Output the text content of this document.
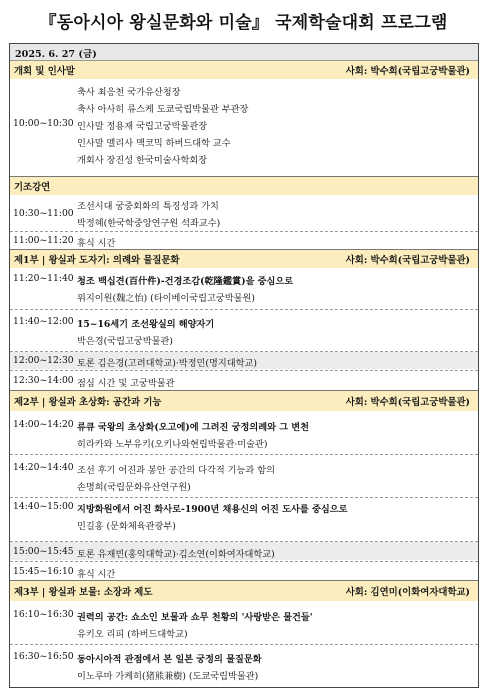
『동아시아 왕실문화와 미술』 국제학술대회 프로그램
2025. 6. 27 (금)
개회 및 인사말	사회: 박수희(국립고궁박물관)
10:00~10:30
축사 최응천 국가유산청장
축사 아사히 류스케 도쿄국립박물관 부관장
인사말 정용재 국립고궁박물관장
인사말 멜리사 맥코믹 하버드대학 교수
개회사 장진성 한국미술사학회장
기조강연
10:30~11:00
조선시대 궁중회화의 특징성과 가치
박정혜(한국학중앙연구원 석좌교수)
11:00~11:20 휴식 시간
제1부 | 왕실과 도자기: 의례와 물질문화	사회: 박수희(국립고궁박물관)
11:20~11:40 청조 백십견(百什件)-건경조감(乾隆鑑賞)을 중심으로
위지이원(魏之怡) (타이베이국립고궁박물원)
11:40~12:00 15~16세기 조선왕실의 해양자기
박은경(국립고궁박물관)
12:00~12:30 토론 김은경(고려대학교)·박정민(명지대학교)
12:30~14:00 점심 시간 및 고궁박물관
제2부 | 왕실과 초상화: 공간과 기능	사회: 박수희(국립고궁박물관)
14:00~14:20 류큐 국왕의 초상화(오고에)에 그려진 궁정의례와 그 변천
히라카와 노부유키(오키나와현립박물관·미술관)
14:20~14:40 조선 후기 어진과 봉안 공간의 다각적 기능과 함의
손명희(국립문화유산연구원)
14:40~15:00 지방화원에서 어진 화사로-1900년 채용신의 어진 도사를 중심으로
민길홍 (문화체육관광부)
15:00~15:45 토론 유재빈(홍익대학교)·김소연(이화여자대학교)
15:45~16:10 휴식 시간
제3부 | 왕실과 보물: 소장과 제도	사회: 김연미(이화여자대학교)
16:10~16:30 권력의 공간: 쇼소인 보물과 쇼무 천황의 '사랑받은 물건들'
유키오 리피 (하버드대학교)
16:30~16:50 동아시아적 관점에서 본 일본 궁정의 물질문화
이노루마 가케히(猪熊兼樹) (도쿄국립박물관)
